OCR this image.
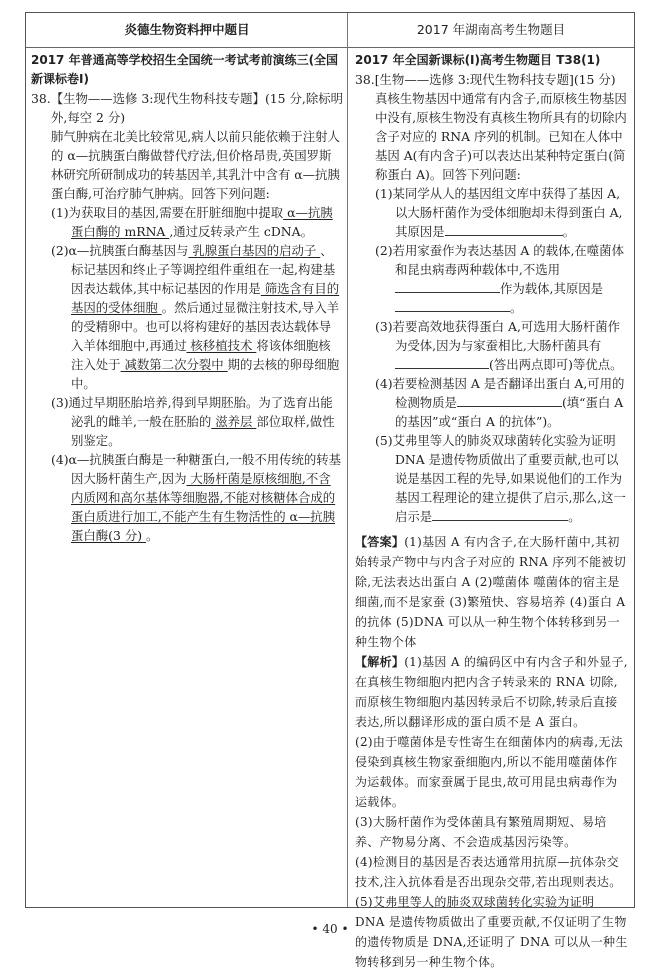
炎德生物资料押中题目	2017 年湖南高考生物题目

2017 年普通高等学校招生全国统一考试考前演练三(全国新课标卷Ⅰ)

38.【生物——选修 3:现代生物科技专题】(15 分,除标明外,每空 2 分)

肺气肿病在北美比较常见,病人以前只能依赖于注射人的 α—抗胰蛋白酶做替代疗法,但价格昂贵,英国罗斯林研究所研制成功的转基因羊,其乳汁中含有 α—抗胰蛋白酶,可治疗肺气肿病。回答下列问题:

(1)为获取目的基因,需要在肝脏细胞中提取 α—抗胰蛋白酶的 mRNA ,通过反转录产生 cDNA。

(2)α—抗胰蛋白酶基因与 乳腺蛋白基因的启动子 、标记基因和终止子等调控组件重组在一起,构建基因表达载体,其中标记基因的作用是 筛选含有目的基因的受体细胞 。然后通过显微注射技术,导入羊的受精卵中。也可以将构建好的基因表达载体导入羊体细胞中,再通过 核移植技术 将该体细胞核注入处于 减数第二次分裂中 期的去核的卵母细胞中。

(3)通过早期胚胎培养,得到早期胚胎。为了选育出能泌乳的雌羊,一般在胚胎的 滋养层 部位取样,做性别鉴定。

(4)α—抗胰蛋白酶是一种糖蛋白,一般不用传统的转基因大肠杆菌生产,因为 大肠杆菌是原核细胞,不含内质网和高尔基体等细胞器,不能对核糖体合成的蛋白质进行加工,不能产生有生物活性的 α—抗胰蛋白酶(3 分) 。

2017 年全国新课标(Ⅰ)高考生物题目 T38(1)

38.[生物——选修 3:现代生物科技专题](15 分)

真核生物基因中通常有内含子,而原核生物基因中没有,原核生物没有真核生物所具有的切除内含子对应的 RNA 序列的机制。已知在人体中基因 A(有内含子)可以表达出某种特定蛋白(简称蛋白 A)。回答下列问题:

(1)某同学从人的基因组文库中获得了基因 A,以大肠杆菌作为受体细胞却未得到蛋白 A,其原因是	。

(2)若用家蚕作为表达基因 A 的载体,在噬菌体和昆虫病毒两种载体中,不选用作为载体,其原因是。

(3)若要高效地获得蛋白 A,可选用大肠杆菌作为受体,因为与家蚕相比,大肠杆菌具有(答出两点即可)等优点。

(4)若要检测基因 A 是否翻译出蛋白 A,可用的检测物质是	(填“蛋白 A 的基因”或“蛋白 A 的抗体”)。

(5)艾弗里等人的肺炎双球菌转化实验为证明 DNA 是遗传物质做出了重要贡献,也可以说是基因工程的先导,如果说他们的工作为基因工程理论的建立提供了启示,那么,这一启示是	。

【答案】(1)基因 A 有内含子,在大肠杆菌中,其初始转录产物中与内含子对应的 RNA 序列不能被切除,无法表达出蛋白 A (2)噬菌体 噬菌体的宿主是细菌,而不是家蚕 (3)繁殖快、容易培养 (4)蛋白 A 的抗体 (5)DNA 可以从一种生物个体转移到另一种生物个体

【解析】(1)基因 A 的编码区中有内含子和外显子,在真核生物细胞内把内含子转录来的 RNA 切除,而原核生物细胞内基因转录后不切除,转录后直接表达,所以翻译形成的蛋白质不是 A 蛋白。

(2)由于噬菌体是专性寄生在细菌体内的病毒,无法侵染到真核生物家蚕细胞内,所以不能用噬菌体作为运载体。而家蚕属于昆虫,故可用昆虫病毒作为运载体。

(3)大肠杆菌作为受体菌具有繁殖周期短、易培养、产物易分离、不会造成基因污染等。

(4)检测目的基因是否表达通常用抗原—抗体杂交技术,注入抗体看是否出现杂交带,若出现则表达。

(5)艾弗里等人的肺炎双球菌转化实验为证明 DNA 是遗传物质做出了重要贡献,不仅证明了生物的遗传物质是 DNA,还证明了 DNA 可以从一种生物转移到另一种生物个体。

• 40 •
